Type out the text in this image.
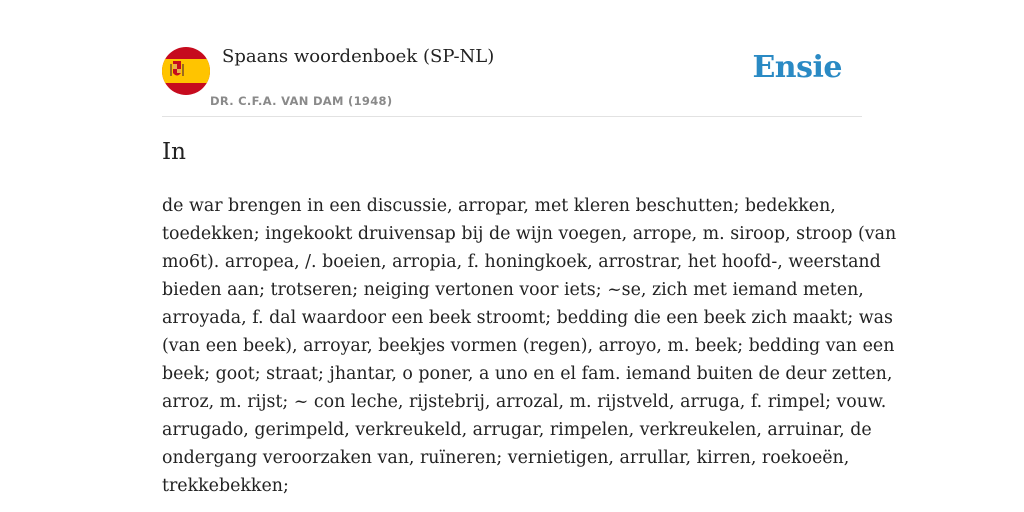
Spaans woordenboek (SP-NL)
DR. C.F.A. VAN DAM (1948)
Ensie
In
de war brengen in een discussie, arropar, met kleren beschutten; bedekken,
toedekken; ingekookt druivensap bij de wijn voegen, arrope, m. siroop, stroop (van
mo6t). arropea, /. boeien, arropia, f. honingkoek, arrostrar, het hoofd-, weerstand
bieden aan; trotseren; neiging vertonen voor iets; ~se, zich met iemand meten,
arroyada, f. dal waardoor een beek stroomt; bedding die een beek zich maakt; was
(van een beek), arroyar, beekjes vormen (regen), arroyo, m. beek; bedding van een
beek; goot; straat; jhantar, o poner, a uno en el fam. iemand buiten de deur zetten,
arroz, m. rijst; ~ con leche, rijstebrij, arrozal, m. rijstveld, arruga, f. rimpel; vouw.
arrugado, gerimpeld, verkreukeld, arrugar, rimpelen, verkreukelen, arruinar, de
ondergang veroorzaken van, ruïneren; vernietigen, arrullar, kirren, roekoeën,
trekkebekken;
